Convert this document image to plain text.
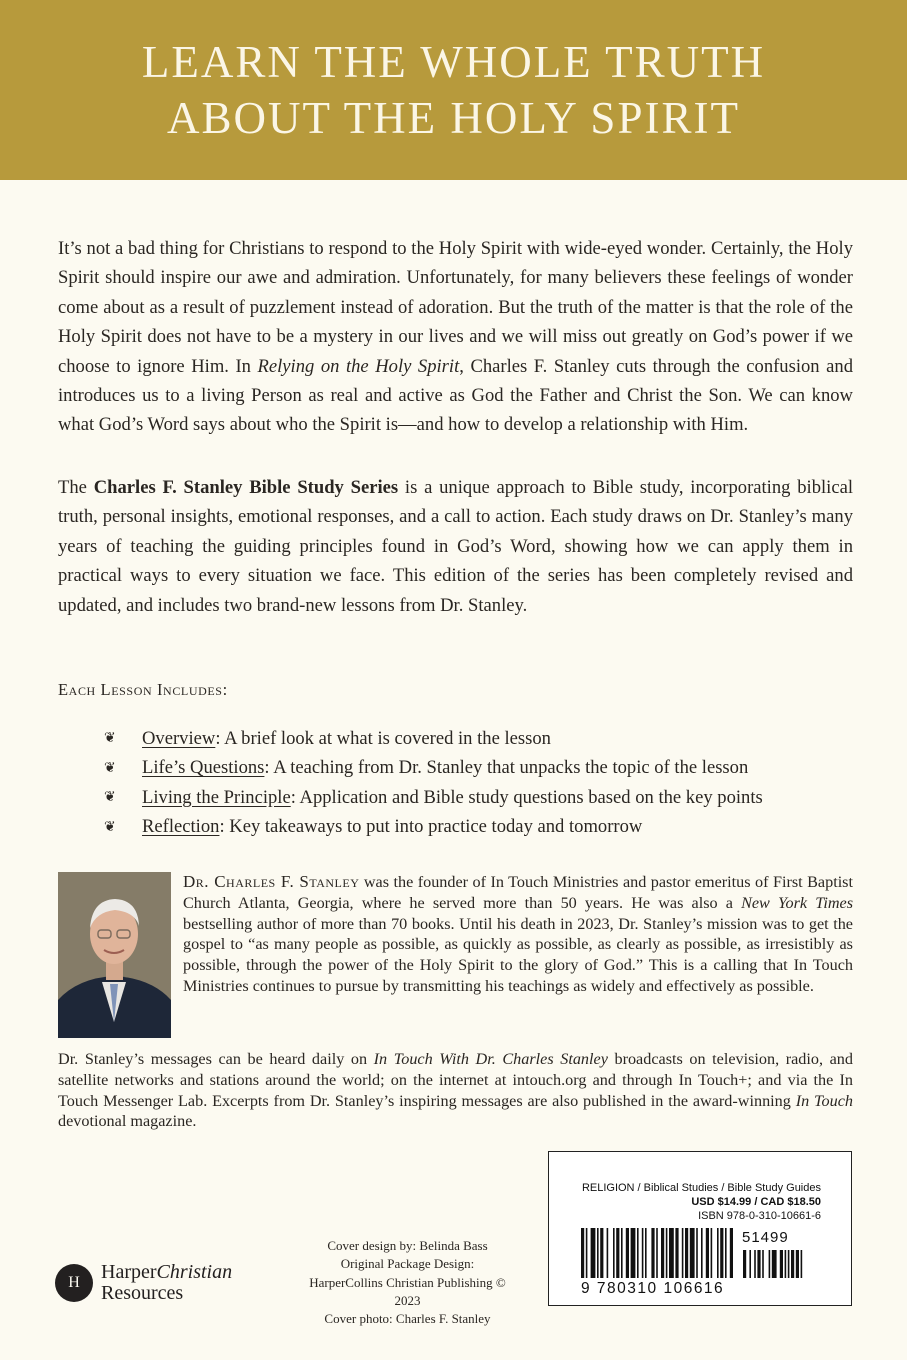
LEARN THE WHOLE TRUTH
ABOUT THE HOLY SPIRIT

It’s not a bad thing for Christians to respond to the Holy Spirit with wide-eyed wonder. Certainly, the Holy Spirit should inspire our awe and admiration. Unfortunately, for many believers these feelings of wonder come about as a result of puzzlement instead of adoration. But the truth of the matter is that the role of the Holy Spirit does not have to be a mystery in our lives and we will miss out greatly on God’s power if we choose to ignore Him. In Relying on the Holy Spirit, Charles F. Stanley cuts through the confusion and introduces us to a living Person as real and active as God the Father and Christ the Son. We can know what God’s Word says about who the Spirit is—and how to develop a relationship with Him.

The Charles F. Stanley Bible Study Series is a unique approach to Bible study, incorporating biblical truth, personal insights, emotional responses, and a call to action. Each study draws on Dr. Stanley’s many years of teaching the guiding principles found in God’s Word, showing how we can apply them in practical ways to every situation we face. This edition of the series has been completely revised and updated, and includes two brand-new lessons from Dr. Stanley.

Each Lesson Includes:
❦	Overview : A brief look at what is covered in the lesson
❦	Life’s Questions : A teaching from Dr. Stanley that unpacks the topic of the lesson
❦	Living the Principle : Application and Bible study questions based on the key points
❦	Reflection : Key takeaways to put into practice today and tomorrow

Dr. Charles F. Stanley was the founder of In Touch Ministries and pastor emeritus of First Baptist Church Atlanta, Georgia, where he served more than 50 years. He was also a New York Times bestselling author of more than 70 books. Until his death in 2023, Dr. Stanley’s mission was to get the gospel to “as many people as possible, as quickly as possible, as clearly as possible, as irresistibly as possible, through the power of the Holy Spirit to the glory of God.” This is a calling that In Touch Ministries continues to pursue by transmitting his teachings as widely and effectively as possible.

Dr. Stanley’s messages can be heard daily on In Touch With Dr. Charles Stanley broadcasts on television, radio, and satellite networks and stations around the world; on the internet at intouch.org and through In Touch+; and via the In Touch Messenger Lab. Excerpts from Dr. Stanley’s inspiring messages are also published in the award-winning In Touch devotional magazine.

H	HarperChristian
Resources
Cover design by: Belinda Bass
Original Package Design:
HarperCollins Christian Publishing © 2023
Cover photo: Charles F. Stanley
RELIGION / Biblical Studies / Bible Study Guides
USD $14.99 / CAD $18.50
ISBN 978-0-310-10661-6
51499
9 780310 106616
